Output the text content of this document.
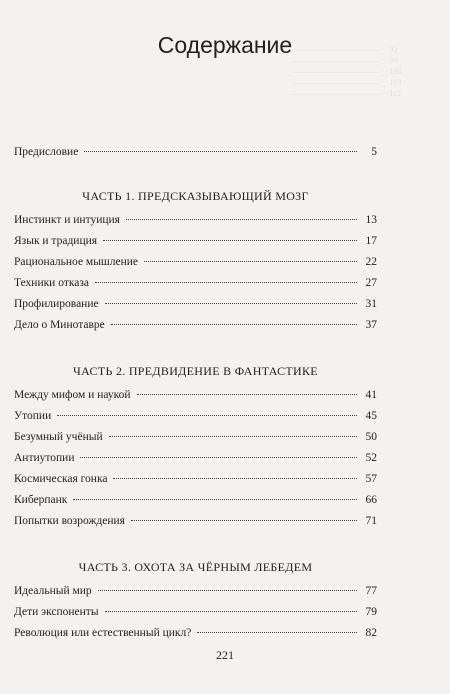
——————————— ·· 92
——————————— ·· 94
——————————— ·· 106
——————————— ·· 110
——————————— ·· 112
Содержание
Предисловие	5
ЧАСТЬ 1. ПРЕДСКАЗЫВАЮЩИЙ МОЗГ
Инстинкт и интуиция	13
Язык и традиция	17
Рациональное мышление	22
Техники отказа	27
Профилирование	31
Дело о Минотавре	37
ЧАСТЬ 2. ПРЕДВИДЕНИЕ В ФАНТАСТИКЕ
Между мифом и наукой	41
Утопии	45
Безумный учёный	50
Антиутопии	52
Космическая гонка	57
Киберпанк	66
Попытки возрождения	71
ЧАСТЬ 3. ОХОТА ЗА ЧЁРНЫМ ЛЕБЕДЕМ
Идеальный мир	77
Дети экспоненты	79
Революция или естественный цикл?	82
221
